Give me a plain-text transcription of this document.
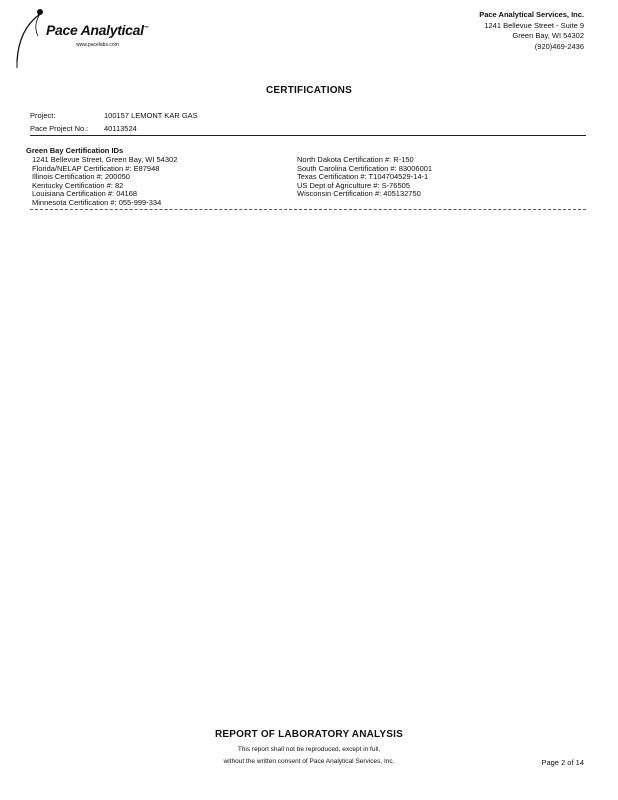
Pace Analytical™
www.pacelabs.com
Pace Analytical Services, Inc.
1241 Bellevue Street - Suite 9
Green Bay, WI 54302
(920)469-2436
CERTIFICATIONS
Project:	100157 LEMONT KAR GAS
Pace Project No.: 40113524
Green Bay Certification IDs
1241 Bellevue Street, Green Bay, WI 54302
Florida/NELAP Certification #: E87948
Illinois Certification #: 200050
Kentucky Certification #: 82
Louisiana Certification #: 04168
Minnesota Certification #: 055-999-334
North Dakota Certification #: R-150
South Carolina Certification #: 83006001
Texas Certification #: T104704529-14-1
US Dept of Agriculture #: S-76505
Wisconsin Certification #: 405132750
REPORT OF LABORATORY ANALYSIS
This report shall not be reproduced, except in full,
without the written consent of Pace Analytical Services, Inc.	Page 2 of 14
